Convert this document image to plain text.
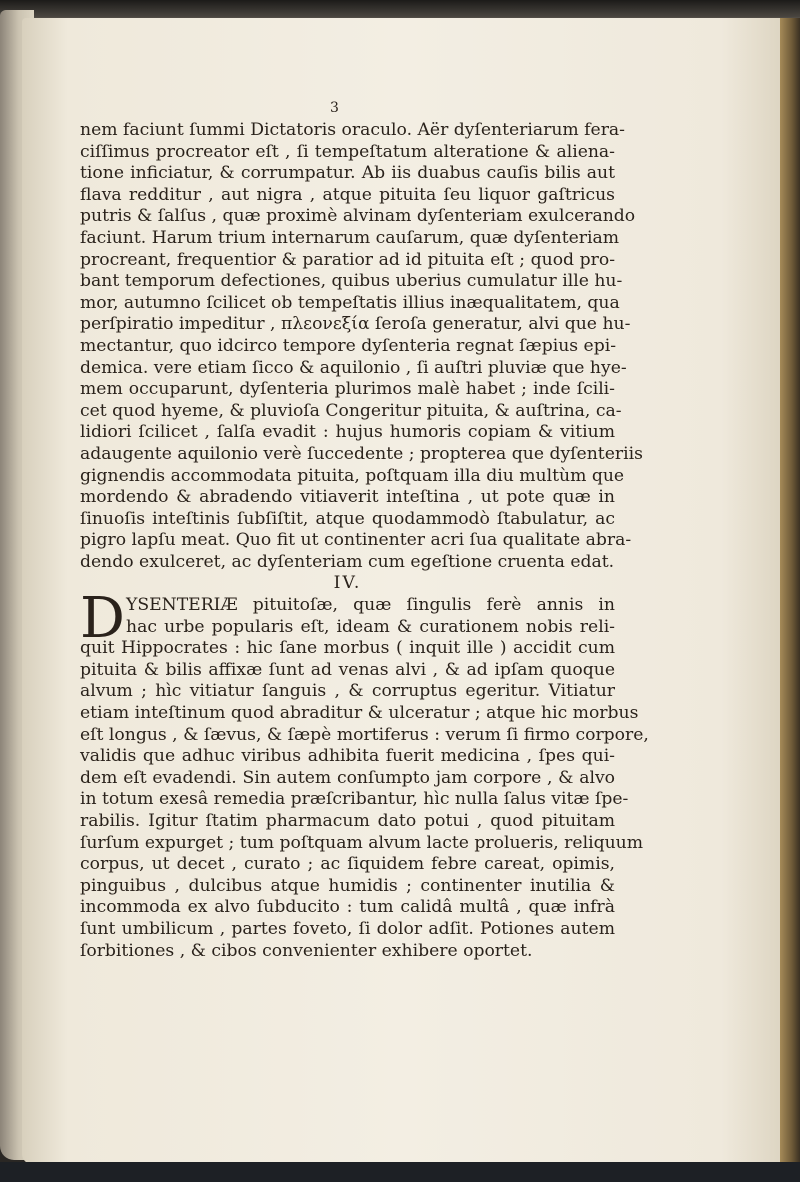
3
nem faciunt ſummi Dictatoris oraculo. Aër dyſenteriarum fera-
ciſſimus procreator eſt , ſi tempeſtatum alteratione & aliena-
tione inficiatur, & corrumpatur. Ab iis duabus cauſis bilis aut
flava redditur , aut nigra , atque pituita ſeu liquor gaſtricus
putris & ſalſus , quæ proximè alvinam dyſenteriam exulcerando
faciunt. Harum trium internarum cauſarum, quæ dyſenteriam
procreant, frequentior & paratior ad id pituita eſt ; quod pro-
bant temporum defectiones, quibus uberius cumulatur ille hu-
mor, autumno ſcilicet ob tempeſtatis illius inæqualitatem, qua
perſpiratio impeditur , πλεονεξία ſeroſa generatur, alvi que hu-
mectantur, quo idcirco tempore dyſenteria regnat ſæpius epi-
demica. vere etiam ſicco & aquilonio , ſi auſtri pluviæ que hye-
mem occuparunt, dyſenteria plurimos malè habet ; inde ſcili-
cet quod hyeme, & pluvioſa Congeritur pituita, & auſtrina, ca-
lidiori ſcilicet , ſalſa evadit : hujus humoris copiam & vitium
adaugente aquilonio verè ſuccedente ; propterea que dyſenteriis
gignendis accommodata pituita, poſtquam illa diu multùm que
mordendo & abradendo vitiaverit inteſtina , ut pote quæ in
ſinuoſis inteſtinis ſubſiſtit, atque quodammodò ſtabulatur, ac
pigro lapſu meat. Quo fit ut continenter acri ſua qualitate abra-
dendo exulceret, ac dyſenteriam cum egeſtione cruenta edat.
IV.
D YSENTERIÆ pituitoſæ, quæ ſingulis ferè annis in
hac urbe popularis eſt, ideam & curationem nobis reli-
quit Hippocrates : hic ſane morbus ( inquit ille ) accidit cum
pituita & bilis affixæ ſunt ad venas alvi , & ad ipſam quoque
alvum ; hìc vitiatur ſanguis , & corruptus egeritur. Vitiatur
etiam inteſtinum quod abraditur & ulceratur ; atque hic morbus
eſt longus , & ſævus, & ſæpè mortiferus : verum ſi firmo corpore,
validis que adhuc viribus adhibita fuerit medicina , ſpes qui-
dem eſt evadendi. Sin autem conſumpto jam corpore , & alvo
in totum exesâ remedia præſcribantur, hìc nulla ſalus vitæ ſpe-
rabilis. Igitur ſtatim pharmacum dato potui , quod pituitam
ſurſum expurget ; tum poſtquam alvum lacte prolueris, reliquum
corpus, ut decet , curato ; ac ſiquidem febre careat, opimis,
pinguibus , dulcibus atque humidis ; continenter inutilia &
incommoda ex alvo ſubducito : tum calidâ multâ , quæ infrà
ſunt umbilicum , partes foveto, ſi dolor adſit. Potiones autem
ſorbitiones , & cibos convenienter exhibere oportet.
